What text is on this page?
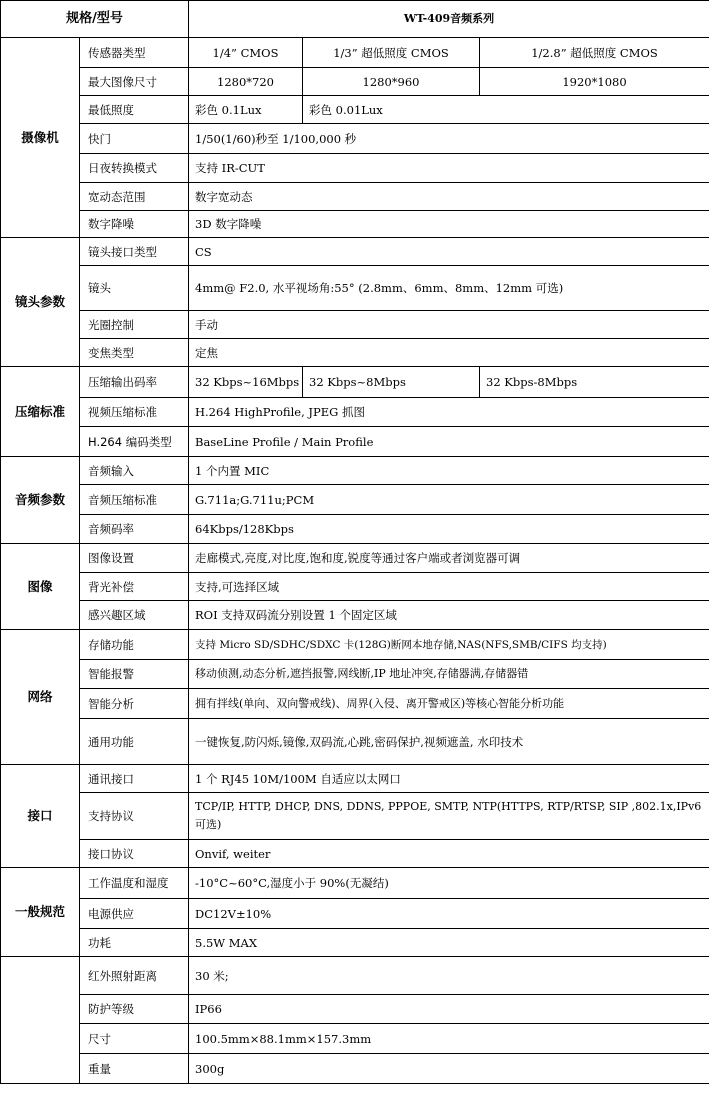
规格/型号		WT-409音频系列		
摄像机	传感器类型	1/4” CMOS	1/3” 超低照度 CMOS	1/2.8” 超低照度 CMOS
	最大图像尺寸	1280*720	1280*960	1920*1080
	最低照度	彩色 0.1Lux	彩色 0.01Lux	
	快门	1/50(1/60)秒至 1/100,000 秒		
	日夜转换模式	支持 IR-CUT		
	宽动态范围	数字宽动态		
	数字降噪	3D 数字降噪		
镜头参数	镜头接口类型	CS		
	镜头	4mm@ F2.0, 水平视场角:55° (2.8mm、6mm、8mm、12mm 可选)		
	光圈控制	手动		
	变焦类型	定焦		
压缩标准	压缩输出码率	32 Kbps~16Mbps	32 Kbps~8Mbps	32 Kbps-8Mbps
	视频压缩标准	H.264 HighProfile, JPEG 抓图		
	H.264 编码类型	BaseLine Profile / Main Profile		
音频参数	音频输入	1 个内置 MIC		
	音频压缩标准	G.711a;G.711u;PCM		
	音频码率	64Kbps/128Kbps		
图像	图像设置	走廊模式,亮度,对比度,饱和度,锐度等通过客户端或者浏览器可调		
	背光补偿	支持,可选择区域		
	感兴趣区域	ROI 支持双码流分别设置 1 个固定区域		
网络	存储功能	支持 Micro SD/SDHC/SDXC 卡(128G)断网本地存储,NAS(NFS,SMB/CIFS 均支持)		
	智能报警	移动侦测,动态分析,遮挡报警,网线断,IP 地址冲突,存储器满,存储器错		
	智能分析	拥有拌线(单向、双向警戒线)、周界(入侵、离开警戒区)等核心智能分析功能		
	通用功能	一键恢复,防闪烁,镜像,双码流,心跳,密码保护,视频遮盖, 水印技术		
接口	通讯接口	1 个 RJ45 10M/100M 自适应以太网口		
	支持协议	TCP/IP, HTTP, DHCP, DNS, DDNS, PPPOE, SMTP, NTP(HTTPS, RTP/RTSP, SIP ,802.1x,IPv6 可选)		
	接口协议	Onvif, weiter		
一般规范	工作温度和湿度	-10°C~60°C,湿度小于 90%(无凝结)		
	电源供应	DC12V±10%		
	功耗	5.5W MAX		
	红外照射距离	30 米;		
	防护等级	IP66		
	尺寸	100.5mm×88.1mm×157.3mm		
	重量	300g		
